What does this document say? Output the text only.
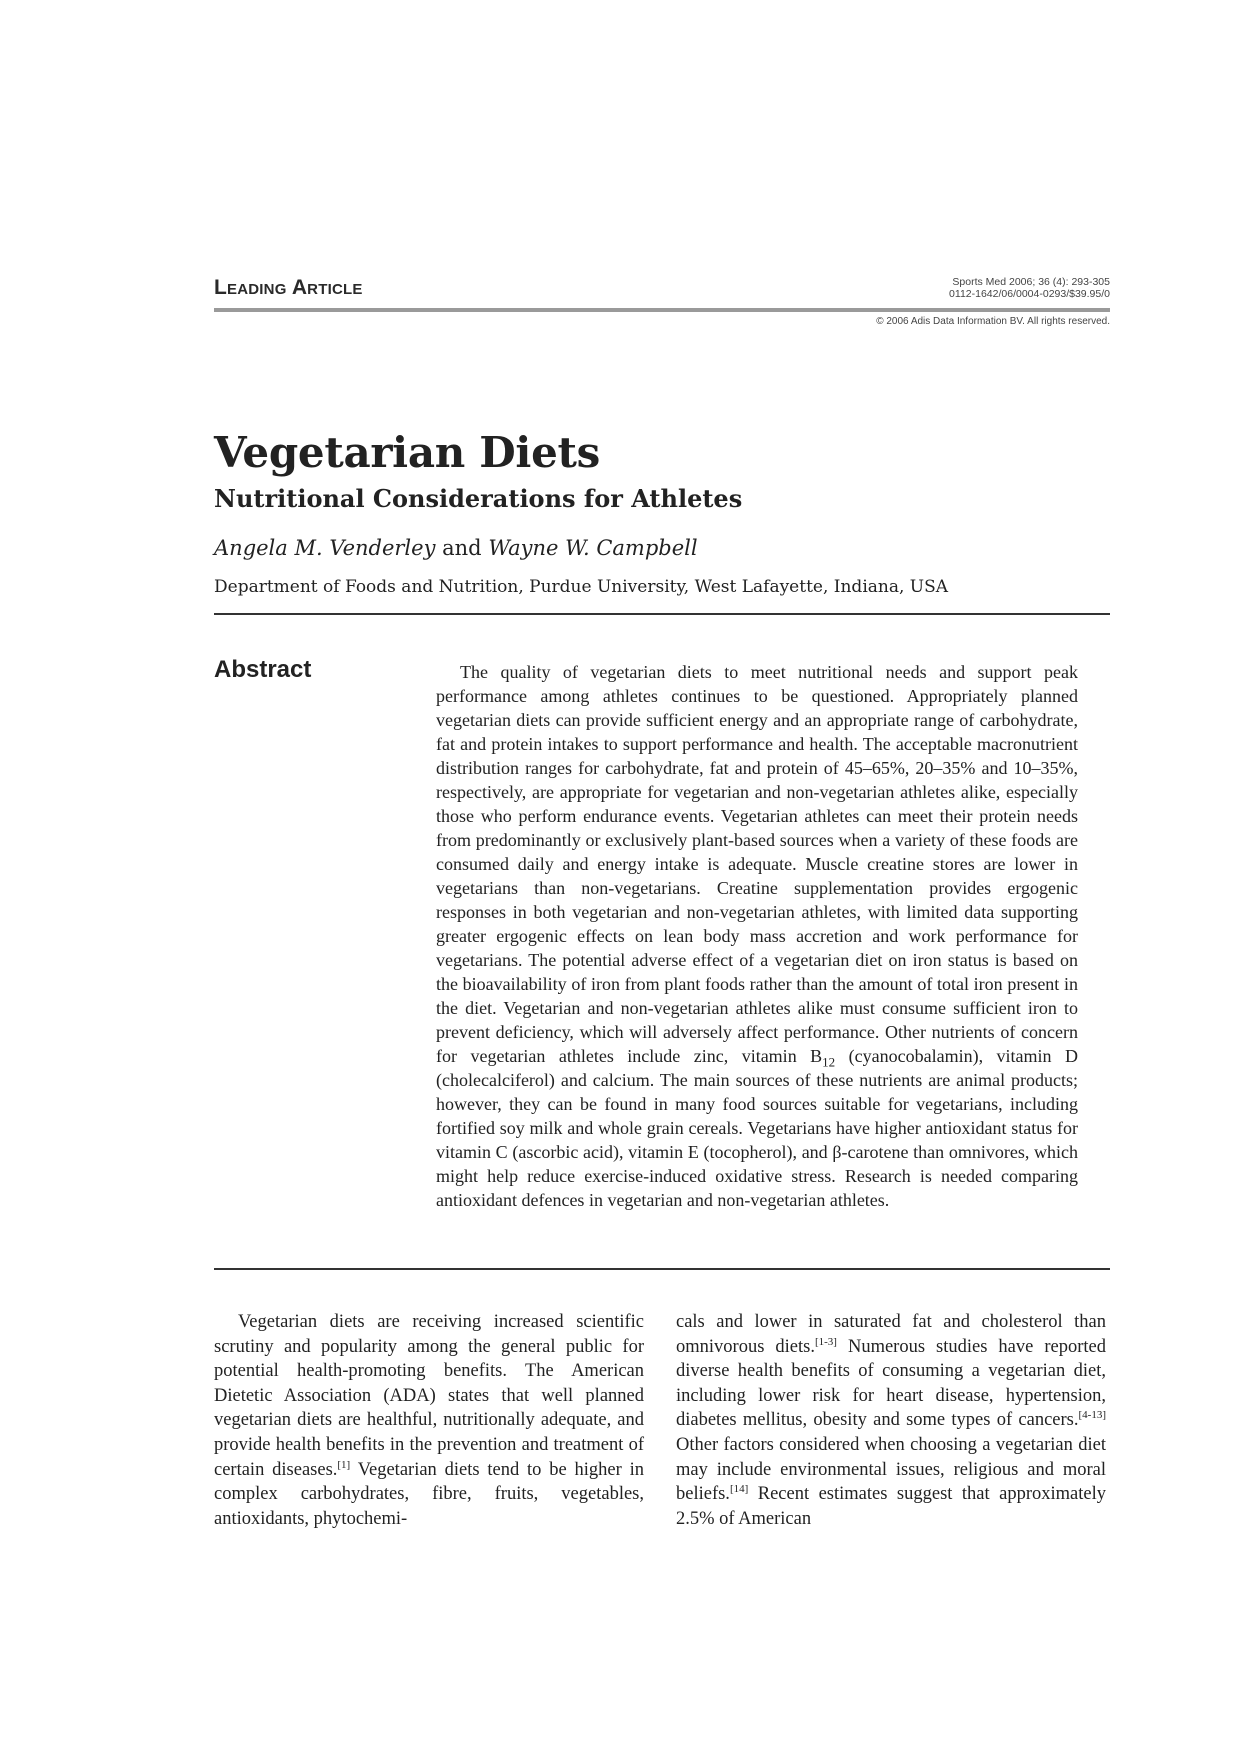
Leading Article	Sports Med 2006; 36 (4): 293-305
0112-1642/06/0004-0293/$39.95/0
© 2006 Adis Data Information BV. All rights reserved.
Vegetarian Diets
Nutritional Considerations for Athletes
Angela M. Venderley and Wayne W. Campbell
Department of Foods and Nutrition, Purdue University, West Lafayette, Indiana, USA
Abstract	The quality of vegetarian diets to meet nutritional needs and support peak performance among athletes continues to be questioned. Appropriately planned vegetarian diets can provide sufficient energy and an appropriate range of carbohydrate, fat and protein intakes to support performance and health. The acceptable macronutrient distribution ranges for carbohydrate, fat and protein of 45–65%, 20–35% and 10–35%, respectively, are appropriate for vegetarian and non-vegetarian athletes alike, especially those who perform endurance events. Vegetarian athletes can meet their protein needs from predominantly or exclusively plant-based sources when a variety of these foods are consumed daily and energy intake is adequate. Muscle creatine stores are lower in vegetarians than non-vegetarians. Creatine supplementation provides ergogenic responses in both vegetarian and non-vegetarian athletes, with limited data supporting greater ergogenic effects on lean body mass accretion and work performance for vegetarians. The potential adverse effect of a vegetarian diet on iron status is based on the bioavailability of iron from plant foods rather than the amount of total iron present in the diet. Vegetarian and non-vegetarian athletes alike must consume sufficient iron to prevent deficiency, which will adversely affect performance. Other nutrients of concern for vegetarian athletes include zinc, vitamin $B_{12}$ (cyanocobalamin), vitamin D (cholecalciferol) and calcium. The main sources of these nutrients are animal products; however, they can be found in many food sources suitable for vegetarians, including fortified soy milk and whole grain cereals. Vegetarians have higher antioxidant status for vitamin C (ascorbic acid), vitamin E (tocopherol), and β-carotene than omnivores, which might help reduce exercise-induced oxidative stress. Research is needed comparing antioxidant defences in vegetarian and non-vegetarian athletes.

Vegetarian diets are receiving increased scientific scrutiny and popularity among the general public for potential health-promoting benefits. The American Dietetic Association (ADA) states that well planned vegetarian diets are healthful, nutritionally adequate, and provide health benefits in the prevention and treatment of certain diseases.[1] Vegetarian diets tend to be higher in complex carbohydrates, fibre, fruits, vegetables, antioxidants, phytochemi-

cals and lower in saturated fat and cholesterol than omnivorous diets.[1-3] Numerous studies have reported diverse health benefits of consuming a vegetarian diet, including lower risk for heart disease, hypertension, diabetes mellitus, obesity and some types of cancers.[4-13] Other factors considered when choosing a vegetarian diet may include environmental issues, religious and moral beliefs.[14] Recent estimates suggest that approximately 2.5% of American
